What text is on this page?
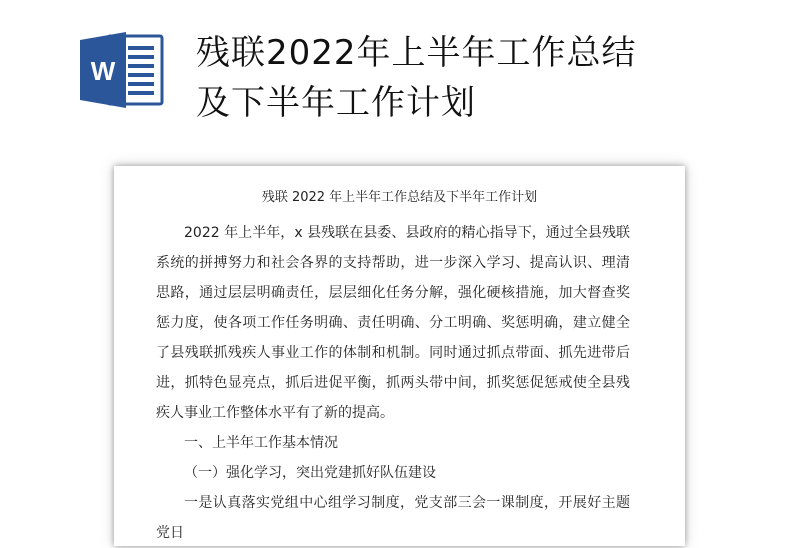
W 残联2022年上半年工作总结
及下半年工作计划
残联 2022 年上半年工作总结及下半年工作计划

2022 年上半年，x 县残联在县委、县政府的精心指导下，通过全县残联系统的拼搏努力和社会各界的支持帮助，进一步深入学习、提高认识、理清思路，通过层层明确责任，层层细化任务分解，强化硬核措施，加大督查奖惩力度，使各项工作任务明确、责任明确、分工明确、奖惩明确，建立健全了县残联抓残疾人事业工作的体制和机制。同时通过抓点带面、抓先进带后进，抓特色显亮点，抓后进促平衡，抓两头带中间，抓奖惩促惩戒使全县残疾人事业工作整体水平有了新的提高。

一、上半年工作基本情况

（一）强化学习，突出党建抓好队伍建设

一是认真落实党组中心组学习制度，党支部三会一课制度，开展好主题党日
